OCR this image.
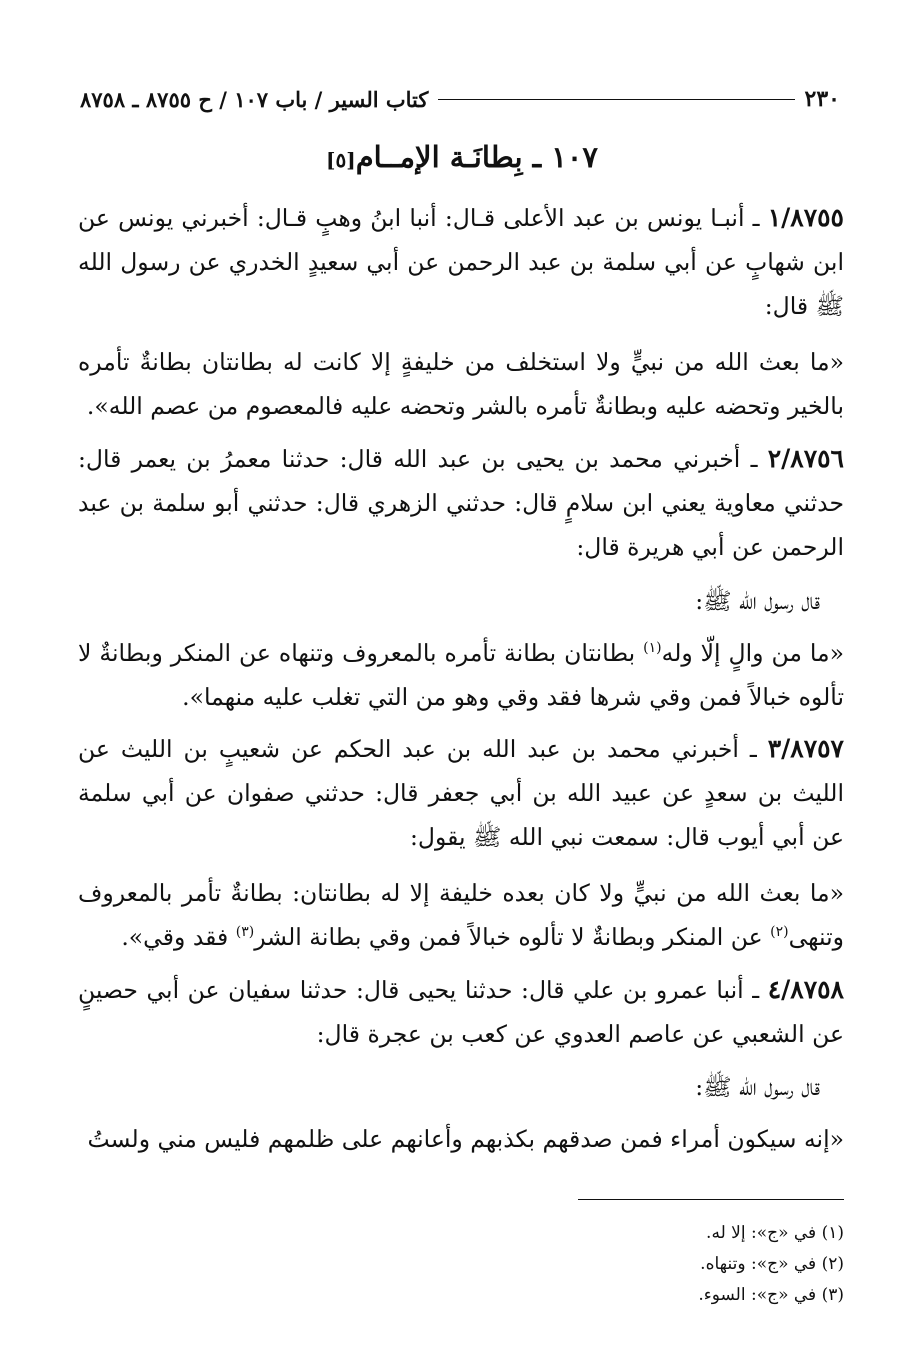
٢٣٠
كتاب السير / باب ١٠٧ / ح ٨٧٥٥ ـ ٨٧٥٨
١٠٧ ـ بِطانَـة الإمــام[٥]
١/٨٧٥٥ ـ أنبـا يونس بن عبد الأعلى قـال: أنبا ابنُ وهبٍ قـال: أخبرني يونس عن ابن شهابٍ عن أبي سلمة بن عبد الرحمن عن أبي سعيدٍ الخدري عن رسول الله ﷺ قال:
«ما بعث الله من نبيٍّ ولا استخلف من خليفةٍ إلا كانت له بطانتان بطانةٌ تأمره بالخير وتحضه عليه وبطانةٌ تأمره بالشر وتحضه عليه فالمعصوم من عصم الله».
٢/٨٧٥٦ ـ أخبرني محمد بن يحيى بن عبد الله قال: حدثنا معمرُ بن يعمر قال: حدثني معاوية يعني ابن سلامٍ قال: حدثني الزهري قال: حدثني أبو سلمة بن عبد الرحمن عن أبي هريرة قال:
قال رسول الله ﷺ:
«ما من والٍ إلّا وله$^{(١)}$ بطانتان بطانة تأمره بالمعروف وتنهاه عن المنكر وبطانةٌ لا تألوه خبالاً فمن وقي شرها فقد وقي وهو من التي تغلب عليه منهما».
٣/٨٧٥٧ ـ أخبرني محمد بن عبد الله بن عبد الحكم عن شعيبٍ بن الليث عن الليث بن سعدٍ عن عبيد الله بن أبي جعفر قال: حدثني صفوان عن أبي سلمة عن أبي أيوب قال: سمعت نبي الله ﷺ يقول:
«ما بعث الله من نبيٍّ ولا كان بعده خليفة إلا له بطانتان: بطانةٌ تأمر بالمعروف وتنهى$^{(٢)}$ عن المنكر وبطانةٌ لا تألوه خبالاً فمن وقي بطانة الشر$^{(٣)}$ فقد وقي».
٤/٨٧٥٨ ـ أنبا عمرو بن علي قال: حدثنا يحيى قال: حدثنا سفيان عن أبي حصينٍ عن الشعبي عن عاصم العدوي عن كعب بن عجرة قال:
قال رسول الله ﷺ:
«إنه سيكون أمراء فمن صدقهم بكذبهم وأعانهم على ظلمهم فليس مني ولستُ
(١) في «ج»: إلا له.
(٢) في «ج»: وتنهاه.
(٣) في «ج»: السوء.
